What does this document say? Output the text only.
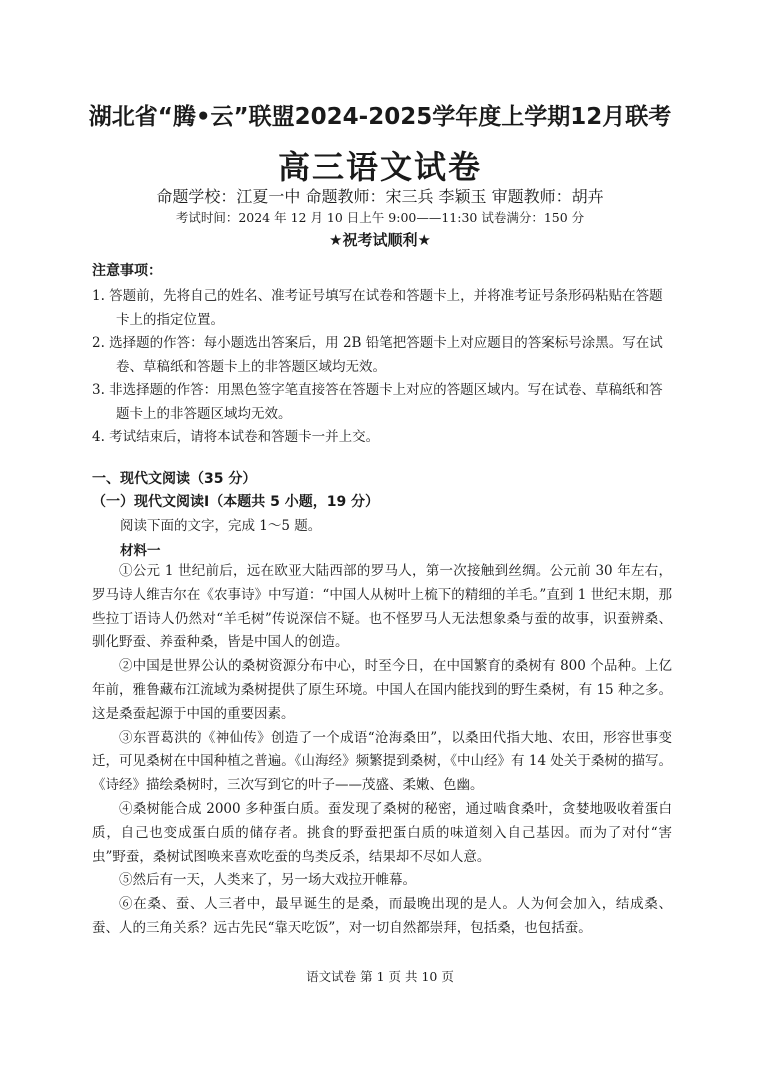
湖北省“腾•云”联盟2024-2025学年度上学期12月联考
高三语文试卷
命题学校：江夏一中 命题教师：宋三兵 李颖玉 审题教师：胡卉
考试时间：2024 年 12 月 10 日上午 9:00——11:30 试卷满分：150 分
★祝考试顺利★
注意事项：

1. 答题前，先将自己的姓名、准考证号填写在试卷和答题卡上，并将准考证号条形码粘贴在答题卡上的指定位置。

2. 选择题的作答：每小题选出答案后，用 2B 铅笔把答题卡上对应题目的答案标号涂黑。写在试卷、草稿纸和答题卡上的非答题区域均无效。

3. 非选择题的作答：用黑色签字笔直接答在答题卡上对应的答题区域内。写在试卷、草稿纸和答题卡上的非答题区域均无效。

4. 考试结束后，请将本试卷和答题卡一并上交。

一、现代文阅读（35 分）
（一）现代文阅读Ⅰ（本题共 5 小题，19 分）
阅读下面的文字，完成 1～5 题。
材料一

①公元 1 世纪前后，远在欧亚大陆西部的罗马人，第一次接触到丝绸。公元前 30 年左右，罗马诗人维吉尔在《农事诗》中写道：“中国人从树叶上梳下的精细的羊毛。”直到 1 世纪末期，那些拉丁语诗人仍然对“羊毛树”传说深信不疑。也不怪罗马人无法想象桑与蚕的故事，识蚕辨桑、驯化野蚕、养蚕种桑，皆是中国人的创造。

②中国是世界公认的桑树资源分布中心，时至今日，在中国繁育的桑树有 800 个品种。上亿年前，雅鲁藏布江流域为桑树提供了原生环境。中国人在国内能找到的野生桑树，有 15 种之多。这是桑蚕起源于中国的重要因素。

③东晋葛洪的《神仙传》创造了一个成语“沧海桑田”，以桑田代指大地、农田，形容世事变迁，可见桑树在中国种植之普遍。《山海经》频繁提到桑树，《中山经》有 14 处关于桑树的描写。《诗经》描绘桑树时，三次写到它的叶子——茂盛、柔嫩、色幽。

④桑树能合成 2000 多种蛋白质。蚕发现了桑树的秘密，通过啮食桑叶，贪婪地吸收着蛋白质，自己也变成蛋白质的储存者。挑食的野蚕把蛋白质的味道刻入自己基因。而为了对付“害虫”野蚕，桑树试图唤来喜欢吃蚕的鸟类反杀，结果却不尽如人意。

⑤然后有一天，人类来了，另一场大戏拉开帷幕。

⑥在桑、蚕、人三者中，最早诞生的是桑，而最晚出现的是人。人为何会加入，结成桑、蚕、人的三角关系？远古先民“靠天吃饭”，对一切自然都崇拜，包括桑，也包括蚕。

语文试卷 第 1 页 共 10 页
